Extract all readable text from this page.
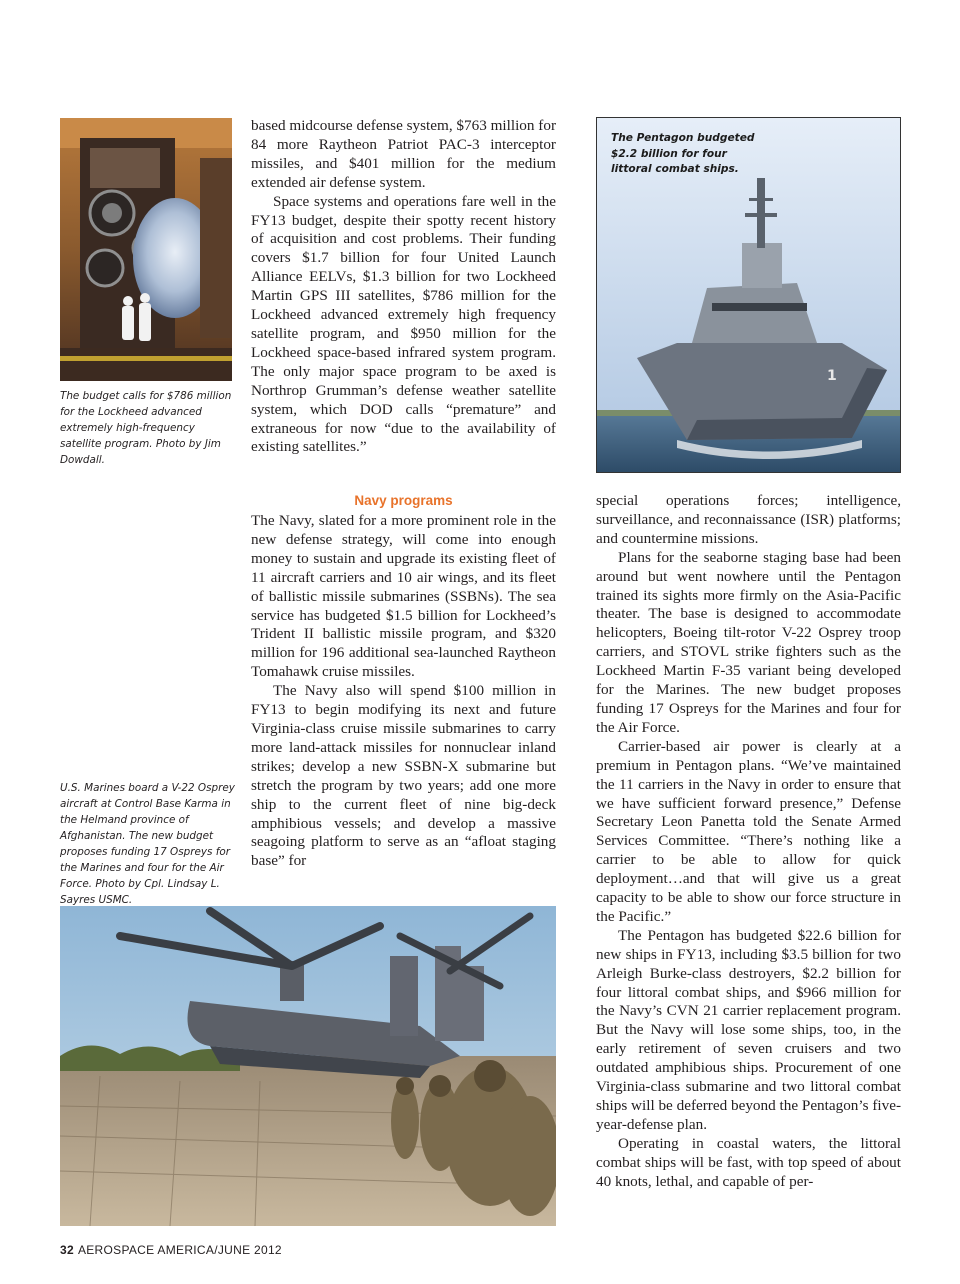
The budget calls for $786 million for the Lockheed advanced extremely high-frequency satellite program. Photo by Jim Dowdall.

based midcourse defense system, $763 million for 84 more Raytheon Patriot PAC-3 interceptor missiles, and $401 million for the medium extended air defense system.

Space systems and operations fare well in the FY13 budget, despite their spotty recent history of acquisition and cost problems. Their funding covers $1.7 billion for four United Launch Alliance EELVs, $1.3 billion for two Lockheed Martin GPS III satellites, $786 million for the Lockheed advanced extremely high frequency satellite program, and $950 million for the Lockheed space-based infrared system program. The only major space program to be axed is Northrop Grumman’s defense weather satellite system, which DOD calls “premature” and extraneous for now “due to the availability of existing satellites.”

1
The Pentagon budgeted $2.2 billion for four littoral combat ships.

U.S. Marines board a V-22 Osprey aircraft at Control Base Karma in the Helmand province of Afghanistan. The new budget proposes funding 17 Ospreys for the Marines and four for the Air Force. Photo by Cpl. Lindsay L. Sayres USMC.

Navy programs

The Navy, slated for a more prominent role in the new defense strategy, will come into enough money to sustain and upgrade its existing fleet of 11 aircraft carriers and 10 air wings, and its fleet of ballistic missile submarines (SSBNs). The sea service has budgeted $1.5 billion for Lockheed’s Trident II ballistic missile program, and $320 million for 196 additional sea-launched Raytheon Tomahawk cruise missiles.

The Navy also will spend $100 million in FY13 to begin modifying its next and future Virginia-class cruise missile submarines to carry more land-attack missiles for nonnuclear inland strikes; develop a new SSBN-X submarine but stretch the program by two years; add one more ship to the current fleet of nine big-deck amphibious vessels; and develop a massive seagoing platform to serve as an “afloat staging base” for

special operations forces; intelligence, surveillance, and reconnaissance (ISR) platforms; and countermine missions.

Plans for the seaborne staging base had been around but went nowhere until the Pentagon trained its sights more firmly on the Asia-Pacific theater. The base is designed to accommodate helicopters, Boeing tilt-rotor V-22 Osprey troop carriers, and STOVL strike fighters such as the Lockheed Martin F-35 variant being developed for the Marines. The new budget proposes funding 17 Ospreys for the Marines and four for the Air Force.

Carrier-based air power is clearly at a premium in Pentagon plans. “We’ve maintained the 11 carriers in the Navy in order to ensure that we have sufficient forward presence,” Defense Secretary Leon Panetta told the Senate Armed Services Committee. “There’s nothing like a carrier to be able to allow for quick deployment…and that will give us a great capacity to be able to show our force structure in the Pacific.”

The Pentagon has budgeted $22.6 billion for new ships in FY13, including $3.5 billion for two Arleigh Burke-class destroyers, $2.2 billion for four littoral combat ships, and $966 million for the Navy’s CVN 21 carrier replacement program. But the Navy will lose some ships, too, in the early retirement of seven cruisers and two outdated amphibious ships. Procurement of one Virginia-class submarine and two littoral combat ships will be deferred beyond the Pentagon’s five-year-defense plan.

Operating in coastal waters, the littoral combat ships will be fast, with top speed of about 40 knots, lethal, and capable of per-

32 AEROSPACE AMERICA/JUNE 2012
